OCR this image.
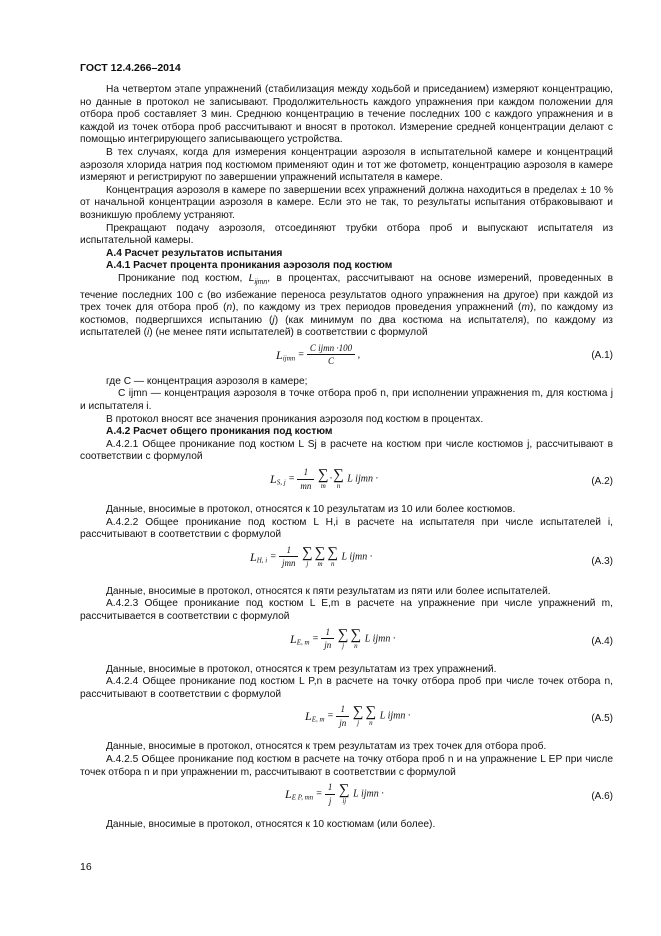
ГОСТ 12.4.266–2014

На четвертом этапе упражнений (стабилизация между ходьбой и приседанием) измеряют концентрацию, но данные в протокол не записывают. Продолжительность каждого упражнения при каждом положении для отбора проб составляет 3 мин. Среднюю концентрацию в течение последних 100 с каждого упражнения и в каждой из точек отбора проб рассчитывают и вносят в протокол. Измерение средней концентрации делают с помощью интегрирующего записывающего устройства.

В тех случаях, когда для измерения концентрации аэрозоля в испытательной камере и концентраций аэрозоля хлорида натрия под костюмом применяют один и тот же фотометр, концентрацию аэрозоля в камере измеряют и регистрируют по завершении упражнений испытателя в камере.

Концентрация аэрозоля в камере по завершении всех упражнений должна находиться в пределах ± 10 % от начальной концентрации аэрозоля в камере. Если это не так, то результаты испытания отбраковывают и возникшую проблему устраняют.

Прекращают подачу аэрозоля, отсоединяют трубки отбора проб и выпускают испытателя из испытательной камеры.

А.4 Расчет результатов испытания

А.4.1 Расчет процента проникания аэрозоля под костюм

Проникание под костюм, $L_{ijmn}$, в процентах, рассчитывают на основе измерений, проведенных в течение последних 100 с (во избежание переноса результатов одного упражнения на другое) при каждой из трех точек для отбора проб (n), по каждому из трех периодов проведения упражнений (m), по каждому из костюмов, подвергшихся испытанию (j) (как минимум по два костюма на испытателя), по каждому из испытателей (i) (не менее пяти испытателей) в соответствии с формулой

$L_{ijmn} = \frac{\text{C ijmn ·100}}{C}$ ,	(А.1)

где C — концентрация аэрозоля в камере;

C ijmn — концентрация аэрозоля в точке отбора проб n, при исполнении упражнения m, для костюма j и испытателя i.

В протокол вносят все значения проникания аэрозоля под костюм в процентах.

А.4.2 Расчет общего проникания под костюм

А.4.2.1 Общее проникание под костюм L Sj в расчете на костюм при числе костюмов j, рассчитывают в соответствии с формулой

$L_{S, j} = \frac{1}{mn}$
∑
m
· ∑
n
L ijmn ·	(А.2)

Данные, вносимые в протокол, относятся к 10 результатам из 10 или более костюмов.

А.4.2.2 Общее проникание под костюм L H,i в расчете на испытателя при числе испытателей i, рассчитывают в соответствии с формулой

$L_{H, i} = \frac{1}{\text{jmn}}$
∑
j
∑
m
∑
n
L ijmn ·	(А.3)

Данные, вносимые в протокол, относятся к пяти результатам из пяти или более испытателей.

А.4.2.3 Общее проникание под костюм L E,m в расчете на упражнение при числе упражнений m, рассчитывается в соответствии с формулой

$L_{E, m} = \frac{1}{jn}$
∑
j
∑
n
L ijmn ·	(А.4)

Данные, вносимые в протокол, относятся к трем результатам из трех упражнений.

А.4.2.4 Общее проникание под костюм L P,n в расчете на точку отбора проб при числе точек отбора n, рассчитывают в соответствии с формулой

$L_{E, m} = \frac{1}{jn}$
∑
j
∑
n
L ijmn ·	(А.5)

Данные, вносимые в протокол, относятся к трем результатам из трех точек для отбора проб.

А.4.2.5 Общее проникание под костюм в расчете на точку отбора проб n и на упражнение L EP при числе точек отбора n и при упражнении m, рассчитывают в соответствии с формулой

$L_{E P, mn} = \frac{1}{j}$
∑
ij
L ijmn ·	(А.6)

Данные, вносимые в протокол, относятся к 10 костюмам (или более).

16
